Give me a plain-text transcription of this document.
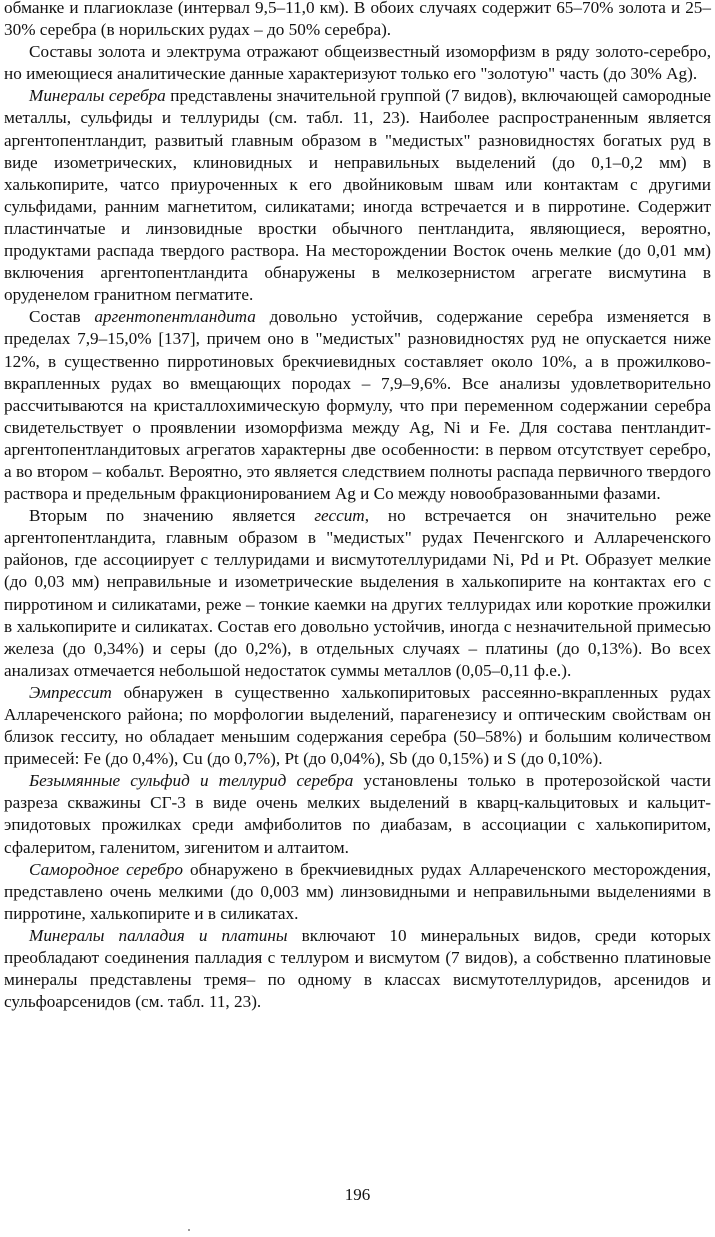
обманке и плагиоклазе (интервал 9,5–11,0 км). В обоих случаях содержит 65–70% золота и 25–30% серебра (в норильских рудах – до 50% серебра).

Составы золота и электрума отражают общеизвестный изоморфизм в ряду золото-серебро, но имеющиеся аналитические данные характеризуют только его "золотую" часть (до 30% Ag).

Минералы серебра представлены значительной группой (7 видов), включающей самородные металлы, сульфиды и теллуриды (см. табл. 11, 23). Наиболее распространенным является аргентопентландит, развитый главным образом в "медистых" разновидностях богатых руд в виде изометрических, клиновидных и неправильных выделений (до 0,1–0,2 мм) в халькопирите, чатсо приуроченных к его двойниковым швам или контактам с другими сульфидами, ранним магнетитом, силикатами; иногда встречается и в пирротине. Содержит пластинчатые и линзовидные вростки обычного пентландита, являющиеся, вероятно, продуктами распада твердого раствора. На месторождении Восток очень мелкие (до 0,01 мм) включения аргентопентландита обнаружены в мелкозернистом агрегате висмутина в оруденелом гранитном пегматите.

Состав аргентопентландита довольно устойчив, содержание серебра изменяется в пределах 7,9–15,0% [137], причем оно в "медистых" разновидностях руд не опускается ниже 12%, в существенно пирротиновых брекчиевидных составляет около 10%, а в прожилково-вкрапленных рудах во вмещающих породах – 7,9–9,6%. Все анализы удовлетворительно рассчитываются на кристаллохимическую формулу, что при переменном содержании серебра свидетельствует о проявлении изоморфизма между Ag, Ni и Fe. Для состава пентландит-аргентопентландитовых агрегатов характерны две особенности: в первом отсутствует серебро, а во втором – кобальт. Вероятно, это является следствием полноты распада первичного твердого раствора и предельным фракционированием Ag и Co между новообразованными фазами.

Вторым по значению является гессит, но встречается он значительно реже аргентопентландита, главным образом в "медистых" рудах Печенгского и Аллареченского районов, где ассоциирует с теллуридами и висмутотеллуридами Ni, Pd и Pt. Образует мелкие (до 0,03 мм) неправильные и изометрические выделения в халькопирите на контактах его с пирротином и силикатами, реже – тонкие каемки на других теллуридах или короткие прожилки в халькопирите и силикатах. Состав его довольно устойчив, иногда с незначительной примесью железа (до 0,34%) и серы (до 0,2%), в отдельных случаях – платины (до 0,13%). Во всех анализах отмечается небольшой недостаток суммы металлов (0,05–0,11 ф.е.).

Эмпрессит обнаружен в существенно халькопиритовых рассеянно-вкрапленных рудах Аллареченского района; по морфологии выделений, парагенезису и оптическим свойствам он близок гесситу, но обладает меньшим содержания серебра (50–58%) и большим количеством примесей: Fe (до 0,4%), Cu (до 0,7%), Pt (до 0,04%), Sb (до 0,15%) и S (до 0,10%).

Безымянные сульфид и теллурид серебра установлены только в протерозойской части разреза скважины СГ-3 в виде очень мелких выделений в кварц-кальцитовых и кальцит-эпидотовых прожилках среди амфиболитов по диабазам, в ассоциации с халькопиритом, сфалеритом, галенитом, зигенитом и алтаитом.

Самородное серебро обнаружено в брекчиевидных рудах Аллареченского месторождения, представлено очень мелкими (до 0,003 мм) линзовидными и неправильными выделениями в пирротине, халькопирите и в силикатах.

Минералы палладия и платины включают 10 минеральных видов, среди которых преобладают соединения палладия с теллуром и висмутом (7 видов), а собственно платиновые минералы представлены тремя– по одному в классах висмутотеллуридов, арсенидов и сульфоарсенидов (см. табл. 11, 23).

196
